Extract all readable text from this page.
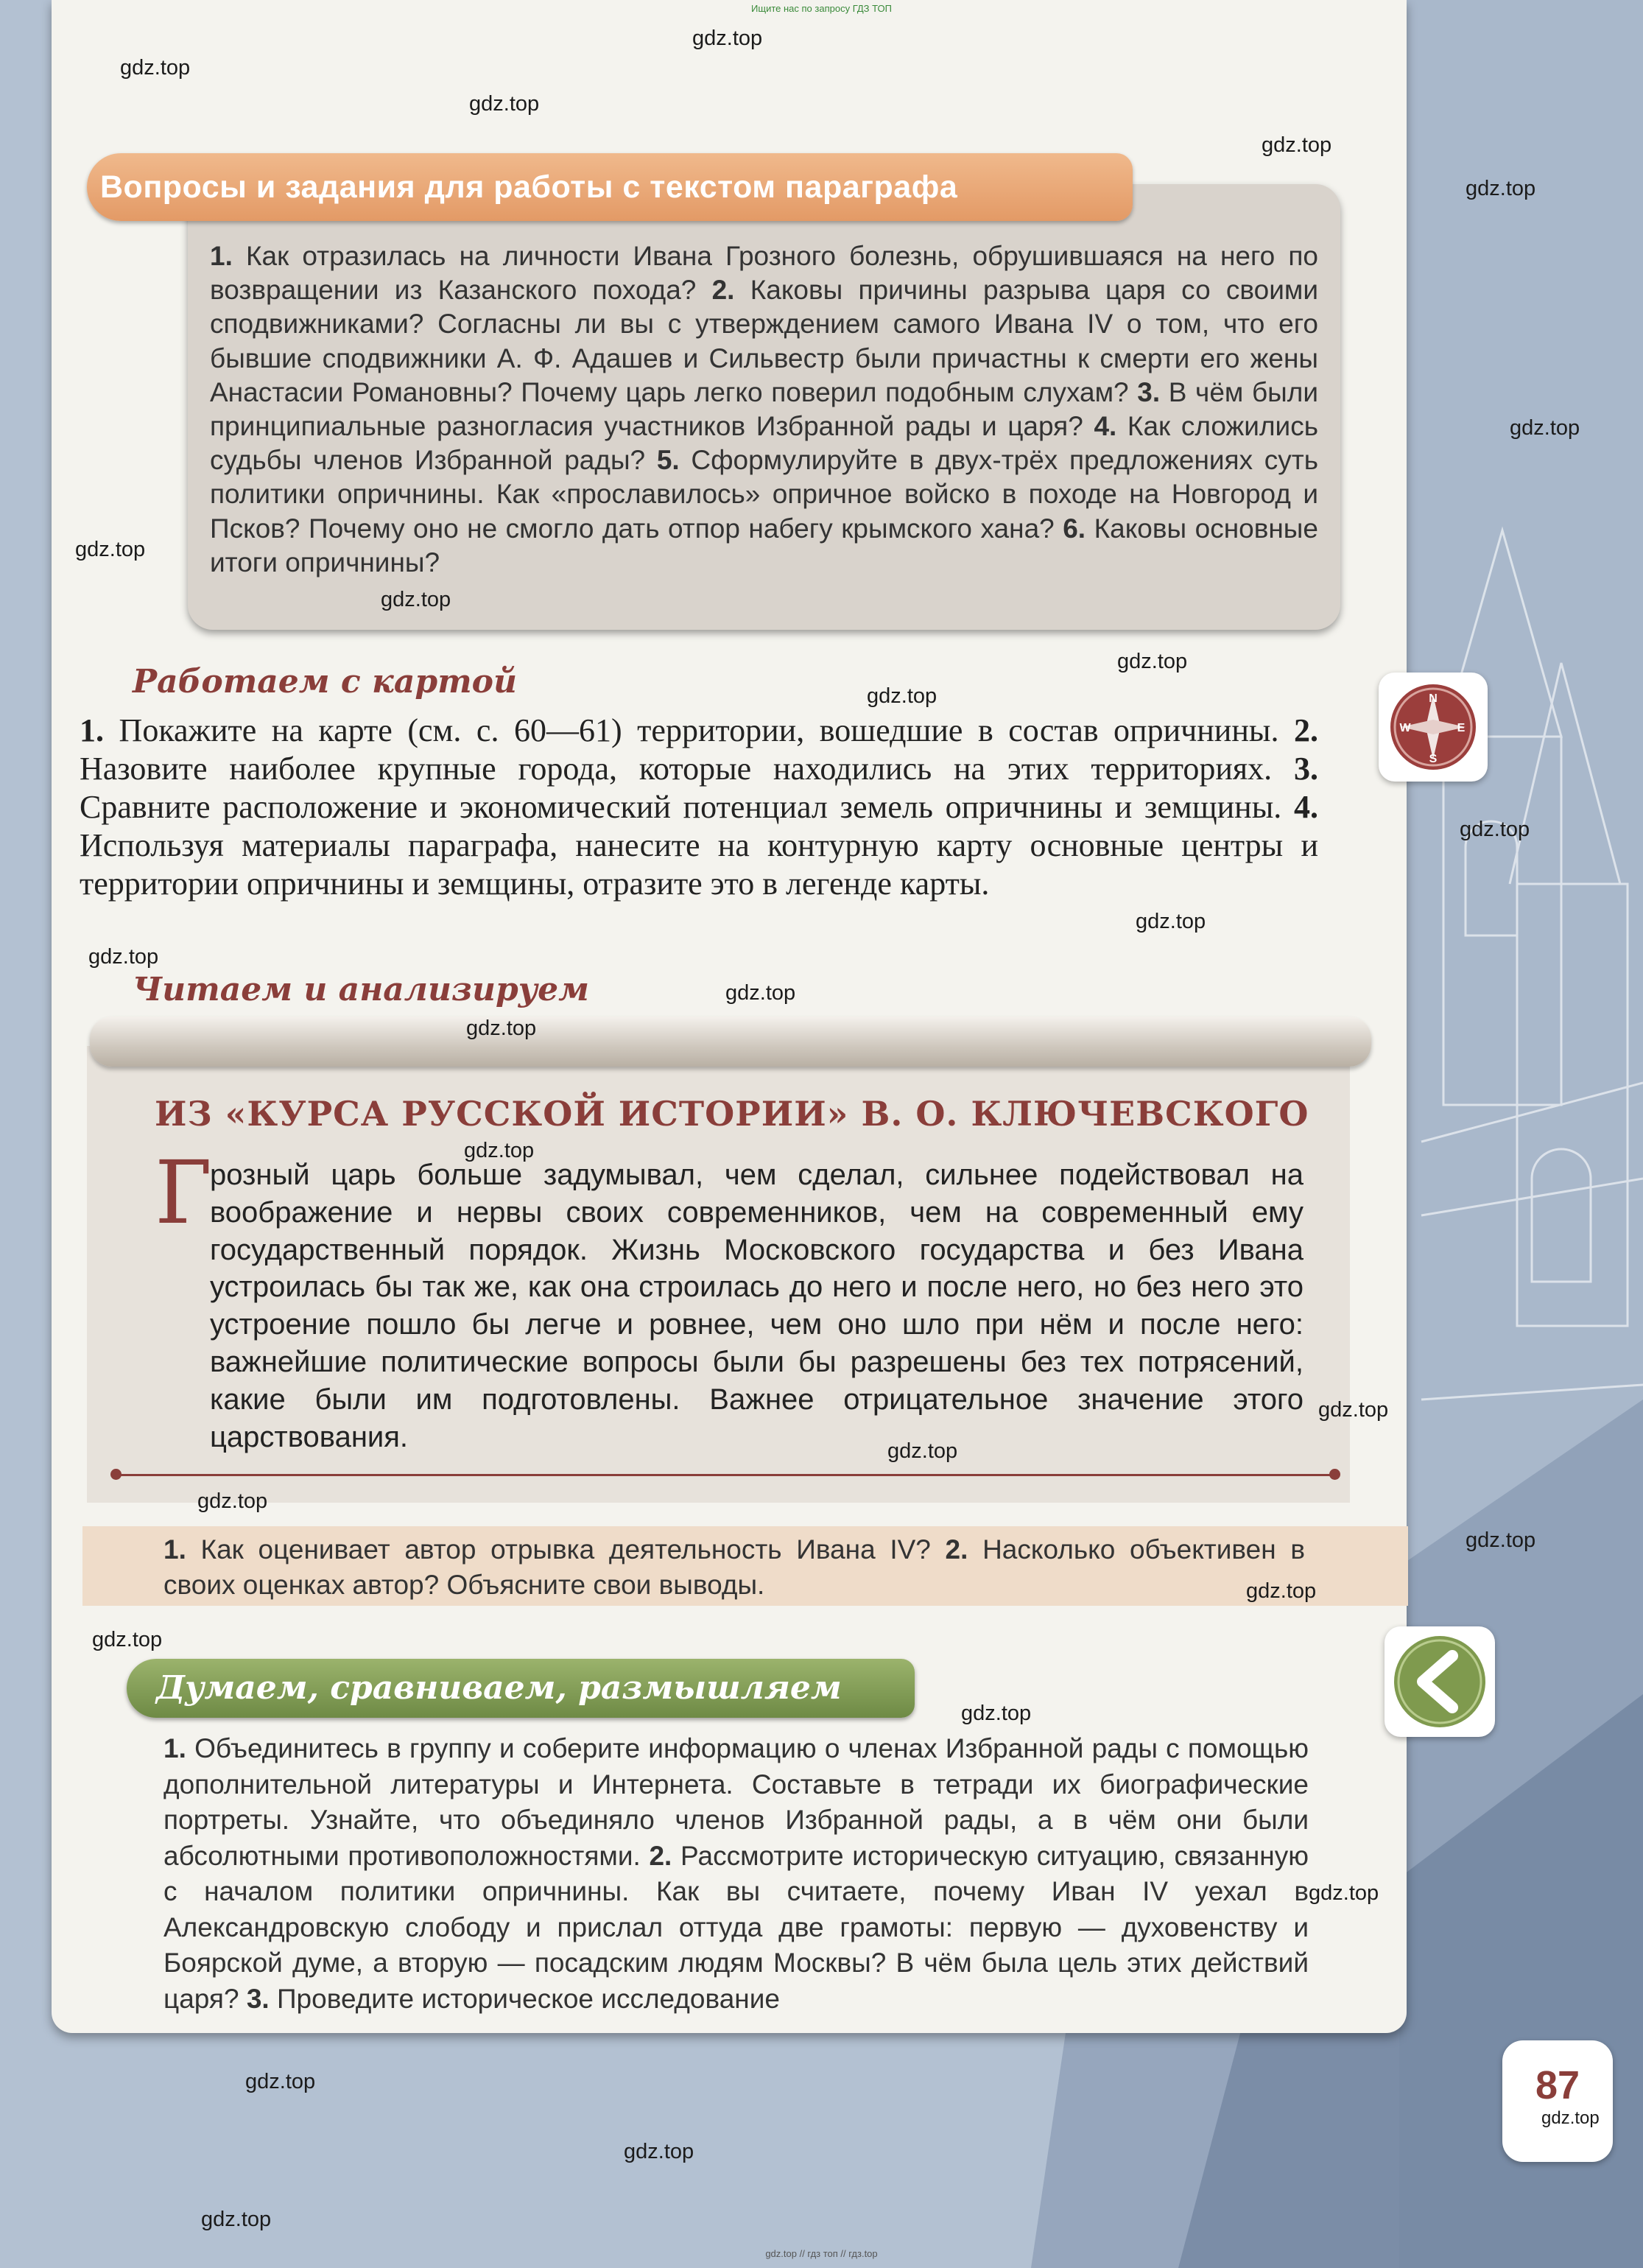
Ищите нас по запросу ГДЗ ТОП
Вопросы и задания для работы с текстом параграфа
1. Как отразилась на личности Ивана Грозного болезнь, обрушившаяся на него по возвращении из Казанского похода? 2. Каковы причины разрыва царя со своими сподвижниками? Согласны ли вы с утверждением самого Ивана IV о том, что его бывшие сподвижники А. Ф. Адашев и Сильвестр были причастны к смерти его жены Анастасии Романовны? Почему царь легко поверил подобным слухам? 3. В чём были принципиальные разногласия участников Избранной рады и царя? 4. Как сложились судьбы членов Избранной рады? 5. Сформулируйте в двух-трёх предложениях суть политики опричнины. Как «прославилось» опричное войско в походе на Новгород и Псков? Почему оно не смогло дать отпор набегу крымского хана? 6. Каковы основные итоги опричнины?
Работаем с картой
1. Покажите на карте (см. с. 60—61) территории, вошедшие в состав опричнины. 2. Назовите наиболее крупные города, которые находились на этих территориях. 3. Сравните расположение и экономический потенциал земель опричнины и земщины. 4. Используя материалы параграфа, нанесите на контурную карту основные центры и территории опричнины и земщины, отразите это в легенде карты.
N
E
S
W
Читаем и анализируем
ИЗ «КУРСА РУССКОЙ ИСТОРИИ» В. О. КЛЮЧЕВСКОГО
Г
розный царь больше задумывал, чем сделал, сильнее подействовал на воображение и нервы своих современников, чем на современный ему государственный порядок. Жизнь Московского государства и без Ивана устроилась бы так же, как она строилась до него и после него, но без него это устроение пошло бы легче и ровнее, чем оно шло при нём и после него: важнейшие политические вопросы были бы разрешены без тех потрясений, какие были им подготовлены. Важнее отрицательное значение этого царствования.
1. Как оценивает автор отрывка деятельность Ивана IV? 2. Насколько объективен в своих оценках автор? Объясните свои выводы.
Думаем, сравниваем, размышляем
1. Объединитесь в группу и соберите информацию о членах Избранной рады с помощью дополнительной литературы и Интернета. Составьте в тетради их биографические портреты. Узнайте, что объединяло членов Избранной рады, а в чём они были абсолютными противоположностями. 2. Рассмотрите историческую ситуацию, связанную с началом политики опричнины. Как вы считаете, почему Иван IV уехал в Александровскую слободу и прислал оттуда две грамоты: первую — духовенству и Боярской думе, а вторую — посадским людям Москвы? В чём была цель этих действий царя? 3. Проведите историческое исследование
87
gdz.top
gdz.top
gdz.top
gdz.top
gdz.top
gdz.top
gdz.top
gdz.top
gdz.top
gdz.top
gdz.top
gdz.top
gdz.top
gdz.top
gdz.top
gdz.top
gdz.top
gdz.top
gdz.top
gdz.top
gdz.top
gdz.top
gdz.top
gdz.top
gdz.top
gdz.top
gdz.top
gdz.top
gdz.top // гдз топ // гдз.top
